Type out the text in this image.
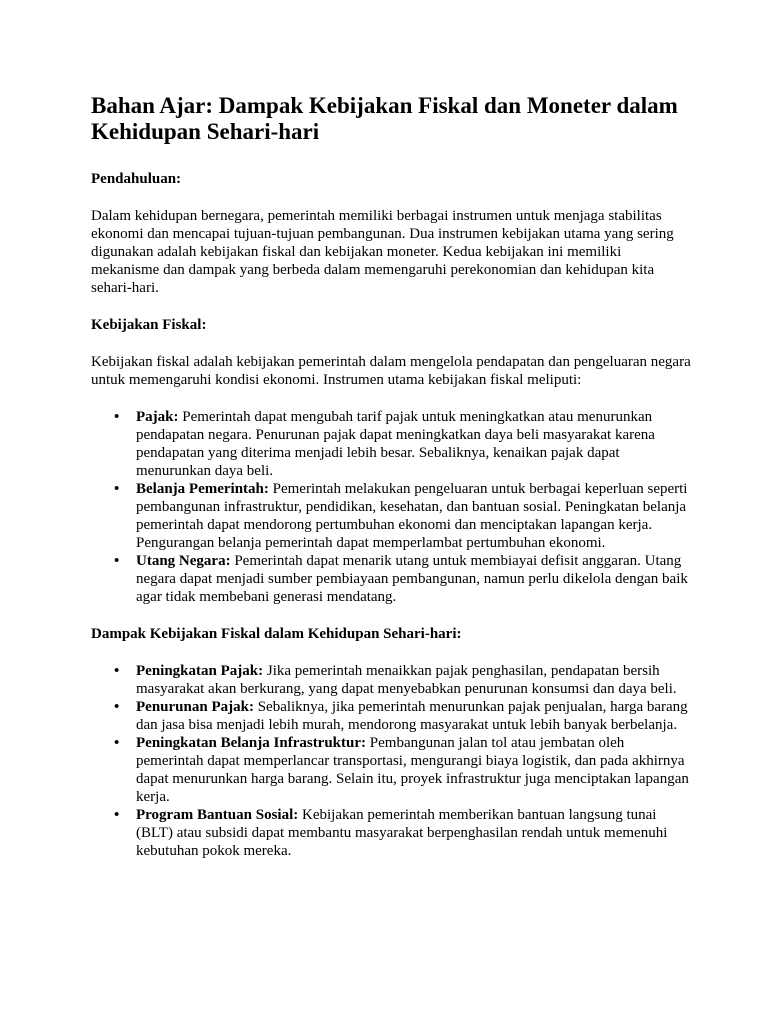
Bahan Ajar: Dampak Kebijakan Fiskal dan Moneter dalam Kehidupan Sehari-hari
Pendahuluan:

Dalam kehidupan bernegara, pemerintah memiliki berbagai instrumen untuk menjaga stabilitas ekonomi dan mencapai tujuan-tujuan pembangunan. Dua instrumen kebijakan utama yang sering digunakan adalah kebijakan fiskal dan kebijakan moneter. Kedua kebijakan ini memiliki mekanisme dan dampak yang berbeda dalam memengaruhi perekonomian dan kehidupan kita sehari-hari.

Kebijakan Fiskal:

Kebijakan fiskal adalah kebijakan pemerintah dalam mengelola pendapatan dan pengeluaran negara untuk memengaruhi kondisi ekonomi. Instrumen utama kebijakan fiskal meliputi:

• Pajak: Pemerintah dapat mengubah tarif pajak untuk meningkatkan atau menurunkan pendapatan negara. Penurunan pajak dapat meningkatkan daya beli masyarakat karena pendapatan yang diterima menjadi lebih besar. Sebaliknya, kenaikan pajak dapat menurunkan daya beli.
• Belanja Pemerintah: Pemerintah melakukan pengeluaran untuk berbagai keperluan seperti pembangunan infrastruktur, pendidikan, kesehatan, dan bantuan sosial. Peningkatan belanja pemerintah dapat mendorong pertumbuhan ekonomi dan menciptakan lapangan kerja. Pengurangan belanja pemerintah dapat memperlambat pertumbuhan ekonomi.
• Utang Negara: Pemerintah dapat menarik utang untuk membiayai defisit anggaran. Utang negara dapat menjadi sumber pembiayaan pembangunan, namun perlu dikelola dengan baik agar tidak membebani generasi mendatang.
Dampak Kebijakan Fiskal dalam Kehidupan Sehari-hari:
• Peningkatan Pajak: Jika pemerintah menaikkan pajak penghasilan, pendapatan bersih masyarakat akan berkurang, yang dapat menyebabkan penurunan konsumsi dan daya beli.
• Penurunan Pajak: Sebaliknya, jika pemerintah menurunkan pajak penjualan, harga barang dan jasa bisa menjadi lebih murah, mendorong masyarakat untuk lebih banyak berbelanja.
• Peningkatan Belanja Infrastruktur: Pembangunan jalan tol atau jembatan oleh pemerintah dapat memperlancar transportasi, mengurangi biaya logistik, dan pada akhirnya dapat menurunkan harga barang. Selain itu, proyek infrastruktur juga menciptakan lapangan kerja.
• Program Bantuan Sosial: Kebijakan pemerintah memberikan bantuan langsung tunai (BLT) atau subsidi dapat membantu masyarakat berpenghasilan rendah untuk memenuhi kebutuhan pokok mereka.
